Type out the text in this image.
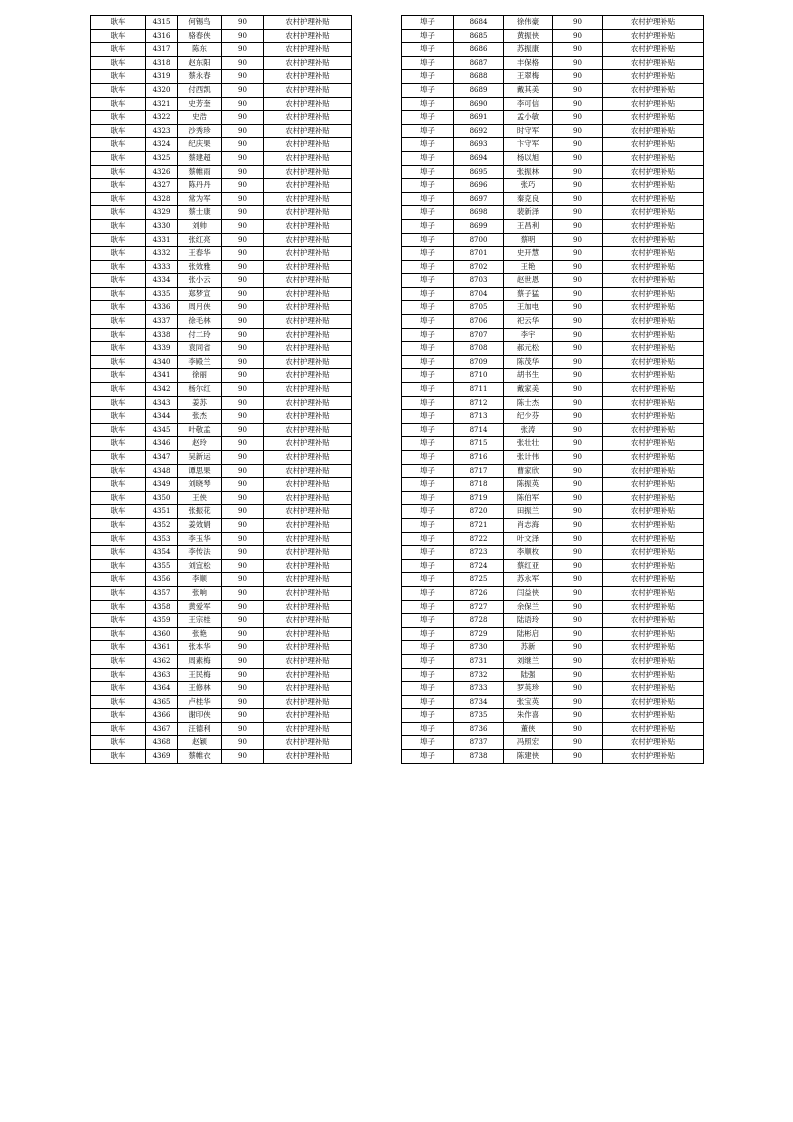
耿车	4315	何锡鸟	90	农村护理补贴
耿车	4316	骆春侠	90	农村护理补贴
耿车	4317	陈东	90	农村护理补贴
耿车	4318	赵东阳	90	农村护理补贴
耿车	4319	蔡永春	90	农村护理补贴
耿车	4320	付西凯	90	农村护理补贴
耿车	4321	史芳奎	90	农村护理补贴
耿车	4322	史浩	90	农村护理补贴
耿车	4323	沙秀珍	90	农村护理补贴
耿车	4324	纪庆果	90	农村护理补贴
耿车	4325	蔡建超	90	农村护理补贴
耿车	4326	蔡帷雨	90	农村护理补贴
耿车	4327	陈丹丹	90	农村护理补贴
耿车	4328	常为军	90	农村护理补贴
耿车	4329	蔡士康	90	农村护理补贴
耿车	4330	刘帅	90	农村护理补贴
耿车	4331	张红亮	90	农村护理补贴
耿车	4332	王春华	90	农村护理补贴
耿车	4333	张效雅	90	农村护理补贴
耿车	4334	张小云	90	农村护理补贴
耿车	4335	郑梦宣	90	农村护理补贴
耿车	4336	周月侠	90	农村护理补贴
耿车	4337	徐毛林	90	农村护理补贴
耿车	4338	付二玲	90	农村护理补贴
耿车	4339	袁同省	90	农村护理补贴
耿车	4340	李殿兰	90	农村护理补贴
耿车	4341	徐丽	90	农村护理补贴
耿车	4342	杨尔红	90	农村护理补贴
耿车	4343	姜苏	90	农村护理补贴
耿车	4344	张杰	90	农村护理补贴
耿车	4345	叶敬孟	90	农村护理补贴
耿车	4346	赵玲	90	农村护理补贴
耿车	4347	吴新运	90	农村护理补贴
耿车	4348	谭思果	90	农村护理补贴
耿车	4349	刘晓琴	90	农村护理补贴
耿车	4350	王侠	90	农村护理补贴
耿车	4351	张振花	90	农村护理补贴
耿车	4352	姜效娟	90	农村护理补贴
耿车	4353	李玉华	90	农村护理补贴
耿车	4354	李传法	90	农村护理补贴
耿车	4355	刘宜松	90	农村护理补贴
耿车	4356	李顺	90	农村护理补贴
耿车	4357	张响	90	农村护理补贴
耿车	4358	黄爱军	90	农村护理补贴
耿车	4359	王宗桂	90	农村护理补贴
耿车	4360	张艳	90	农村护理补贴
耿车	4361	张本华	90	农村护理补贴
耿车	4362	周素梅	90	农村护理补贴
耿车	4363	王民梅	90	农村护理补贴
耿车	4364	王修林	90	农村护理补贴
耿车	4365	卢桂华	90	农村护理补贴
耿车	4366	谢印侠	90	农村护理补贴
耿车	4367	汪德利	90	农村护理补贴
耿车	4368	赵颖	90	农村护理补贴
耿车	4369	蔡帷衣	90	农村护理补贴
埠子	8684	徐伟豪	90	农村护理补贴
埠子	8685	黄振侠	90	农村护理补贴
埠子	8686	苏振康	90	农村护理补贴
埠子	8687	丰保格	90	农村护理补贴
埠子	8688	王翠梅	90	农村护理补贴
埠子	8689	戴其美	90	农村护理补贴
埠子	8690	李可信	90	农村护理补贴
埠子	8691	孟小敏	90	农村护理补贴
埠子	8692	时守军	90	农村护理补贴
埠子	8693	卞守军	90	农村护理补贴
埠子	8694	杨以旭	90	农村护理补贴
埠子	8695	张振林	90	农村护理补贴
埠子	8696	张巧	90	农村护理补贴
埠子	8697	秦克良	90	农村护理补贴
埠子	8698	裴新泽	90	农村护理补贴
埠子	8699	王昌利	90	农村护理补贴
埠子	8700	蔡明	90	农村护理补贴
埠子	8701	史开慧	90	农村护理补贴
埠子	8702	王艳	90	农村护理补贴
埠子	8703	赵世恩	90	农村护理补贴
埠子	8704	蔡子猛	90	农村护理补贴
埠子	8705	王加电	90	农村护理补贴
埠子	8706	祀云华	90	农村护理补贴
埠子	8707	李宇	90	农村护理补贴
埠子	8708	郝元松	90	农村护理补贴
埠子	8709	陈茂华	90	农村护理补贴
埠子	8710	胡书生	90	农村护理补贴
埠子	8711	戴家美	90	农村护理补贴
埠子	8712	陈士杰	90	农村护理补贴
埠子	8713	纪少芬	90	农村护理补贴
埠子	8714	张涛	90	农村护理补贴
埠子	8715	张壮壮	90	农村护理补贴
埠子	8716	张计伟	90	农村护理补贴
埠子	8717	曹家欣	90	农村护理补贴
埠子	8718	陈振英	90	农村护理补贴
埠子	8719	陈伯军	90	农村护理补贴
埠子	8720	田振兰	90	农村护理补贴
埠子	8721	肖志海	90	农村护理补贴
埠子	8722	叶文泽	90	农村护理补贴
埠子	8723	李顺枚	90	农村护理补贴
埠子	8724	蔡红亚	90	农村护理补贴
埠子	8725	苏永军	90	农村护理补贴
埠子	8726	闫益侠	90	农村护理补贴
埠子	8727	余保兰	90	农村护理补贴
埠子	8728	陆语玲	90	农村护理补贴
埠子	8729	陆彬启	90	农村护理补贴
埠子	8730	苏新	90	农村护理补贴
埠子	8731	刘继兰	90	农村护理补贴
埠子	8732	陆强	90	农村护理补贴
埠子	8733	罗英珍	90	农村护理补贴
埠子	8734	张宝英	90	农村护理补贴
埠子	8735	朱作喜	90	农村护理补贴
埠子	8736	董侠	90	农村护理补贴
埠子	8737	冯照宏	90	农村护理补贴
埠子	8738	陈建侠	90	农村护理补贴
